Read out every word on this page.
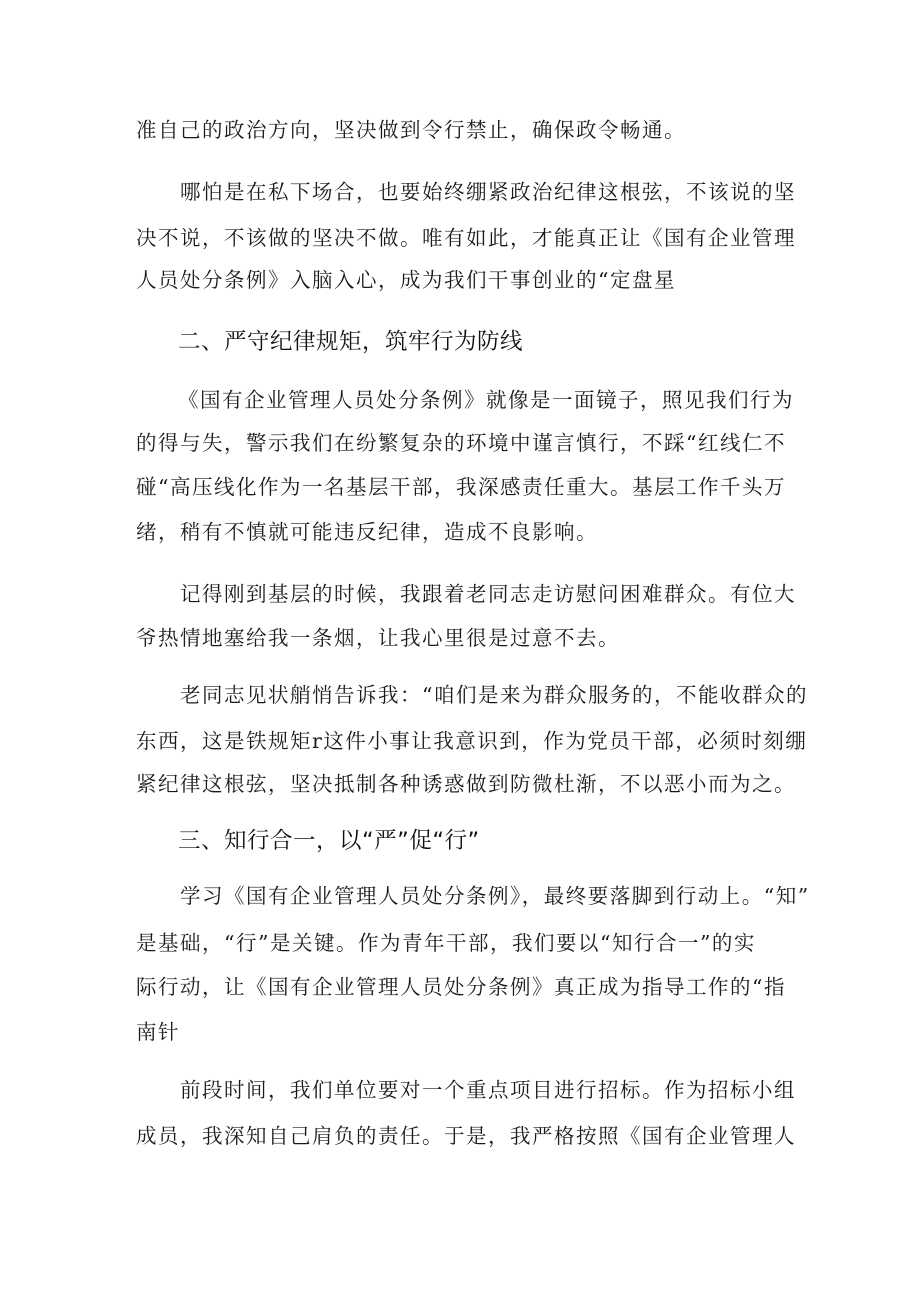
准自己的政治方向，坚决做到令行禁止，确保政令畅通。
哪怕是在私下场合，也要始终绷紧政治纪律这根弦，不该说的坚
决不说，不该做的坚决不做。唯有如此，才能真正让《国有企业管理
人员处分条例》入脑入心，成为我们干事创业的“定盘星
二、严守纪律规矩，筑牢行为防线
《国有企业管理人员处分条例》就像是一面镜子，照见我们行为
的得与失，警示我们在纷繁复杂的环境中谨言慎行，不踩“红线仁不
碰“高压线化作为一名基层干部，我深感责任重大。基层工作千头万
绪，稍有不慎就可能违反纪律，造成不良影响。
记得刚到基层的时候，我跟着老同志走访慰问困难群众。有位大
爷热情地塞给我一条烟，让我心里很是过意不去。
老同志见状艄悄告诉我：“咱们是来为群众服务的，不能收群众的
东西，这是铁规矩r这件小事让我意识到，作为党员干部，必须时刻绷
紧纪律这根弦，坚决抵制各种诱惑做到防微杜渐，不以恶小而为之。
三、知行合一，以“严”促“行”
学习《国有企业管理人员处分条例》，最终要落脚到行动上。“知”
是基础，“行”是关键。作为青年干部，我们要以“知行合一”的实
际行动，让《国有企业管理人员处分条例》真正成为指导工作的“指
南针
前段时间，我们单位要对一个重点项目进行招标。作为招标小组
成员，我深知自己肩负的责任。于是，我严格按照《国有企业管理人
